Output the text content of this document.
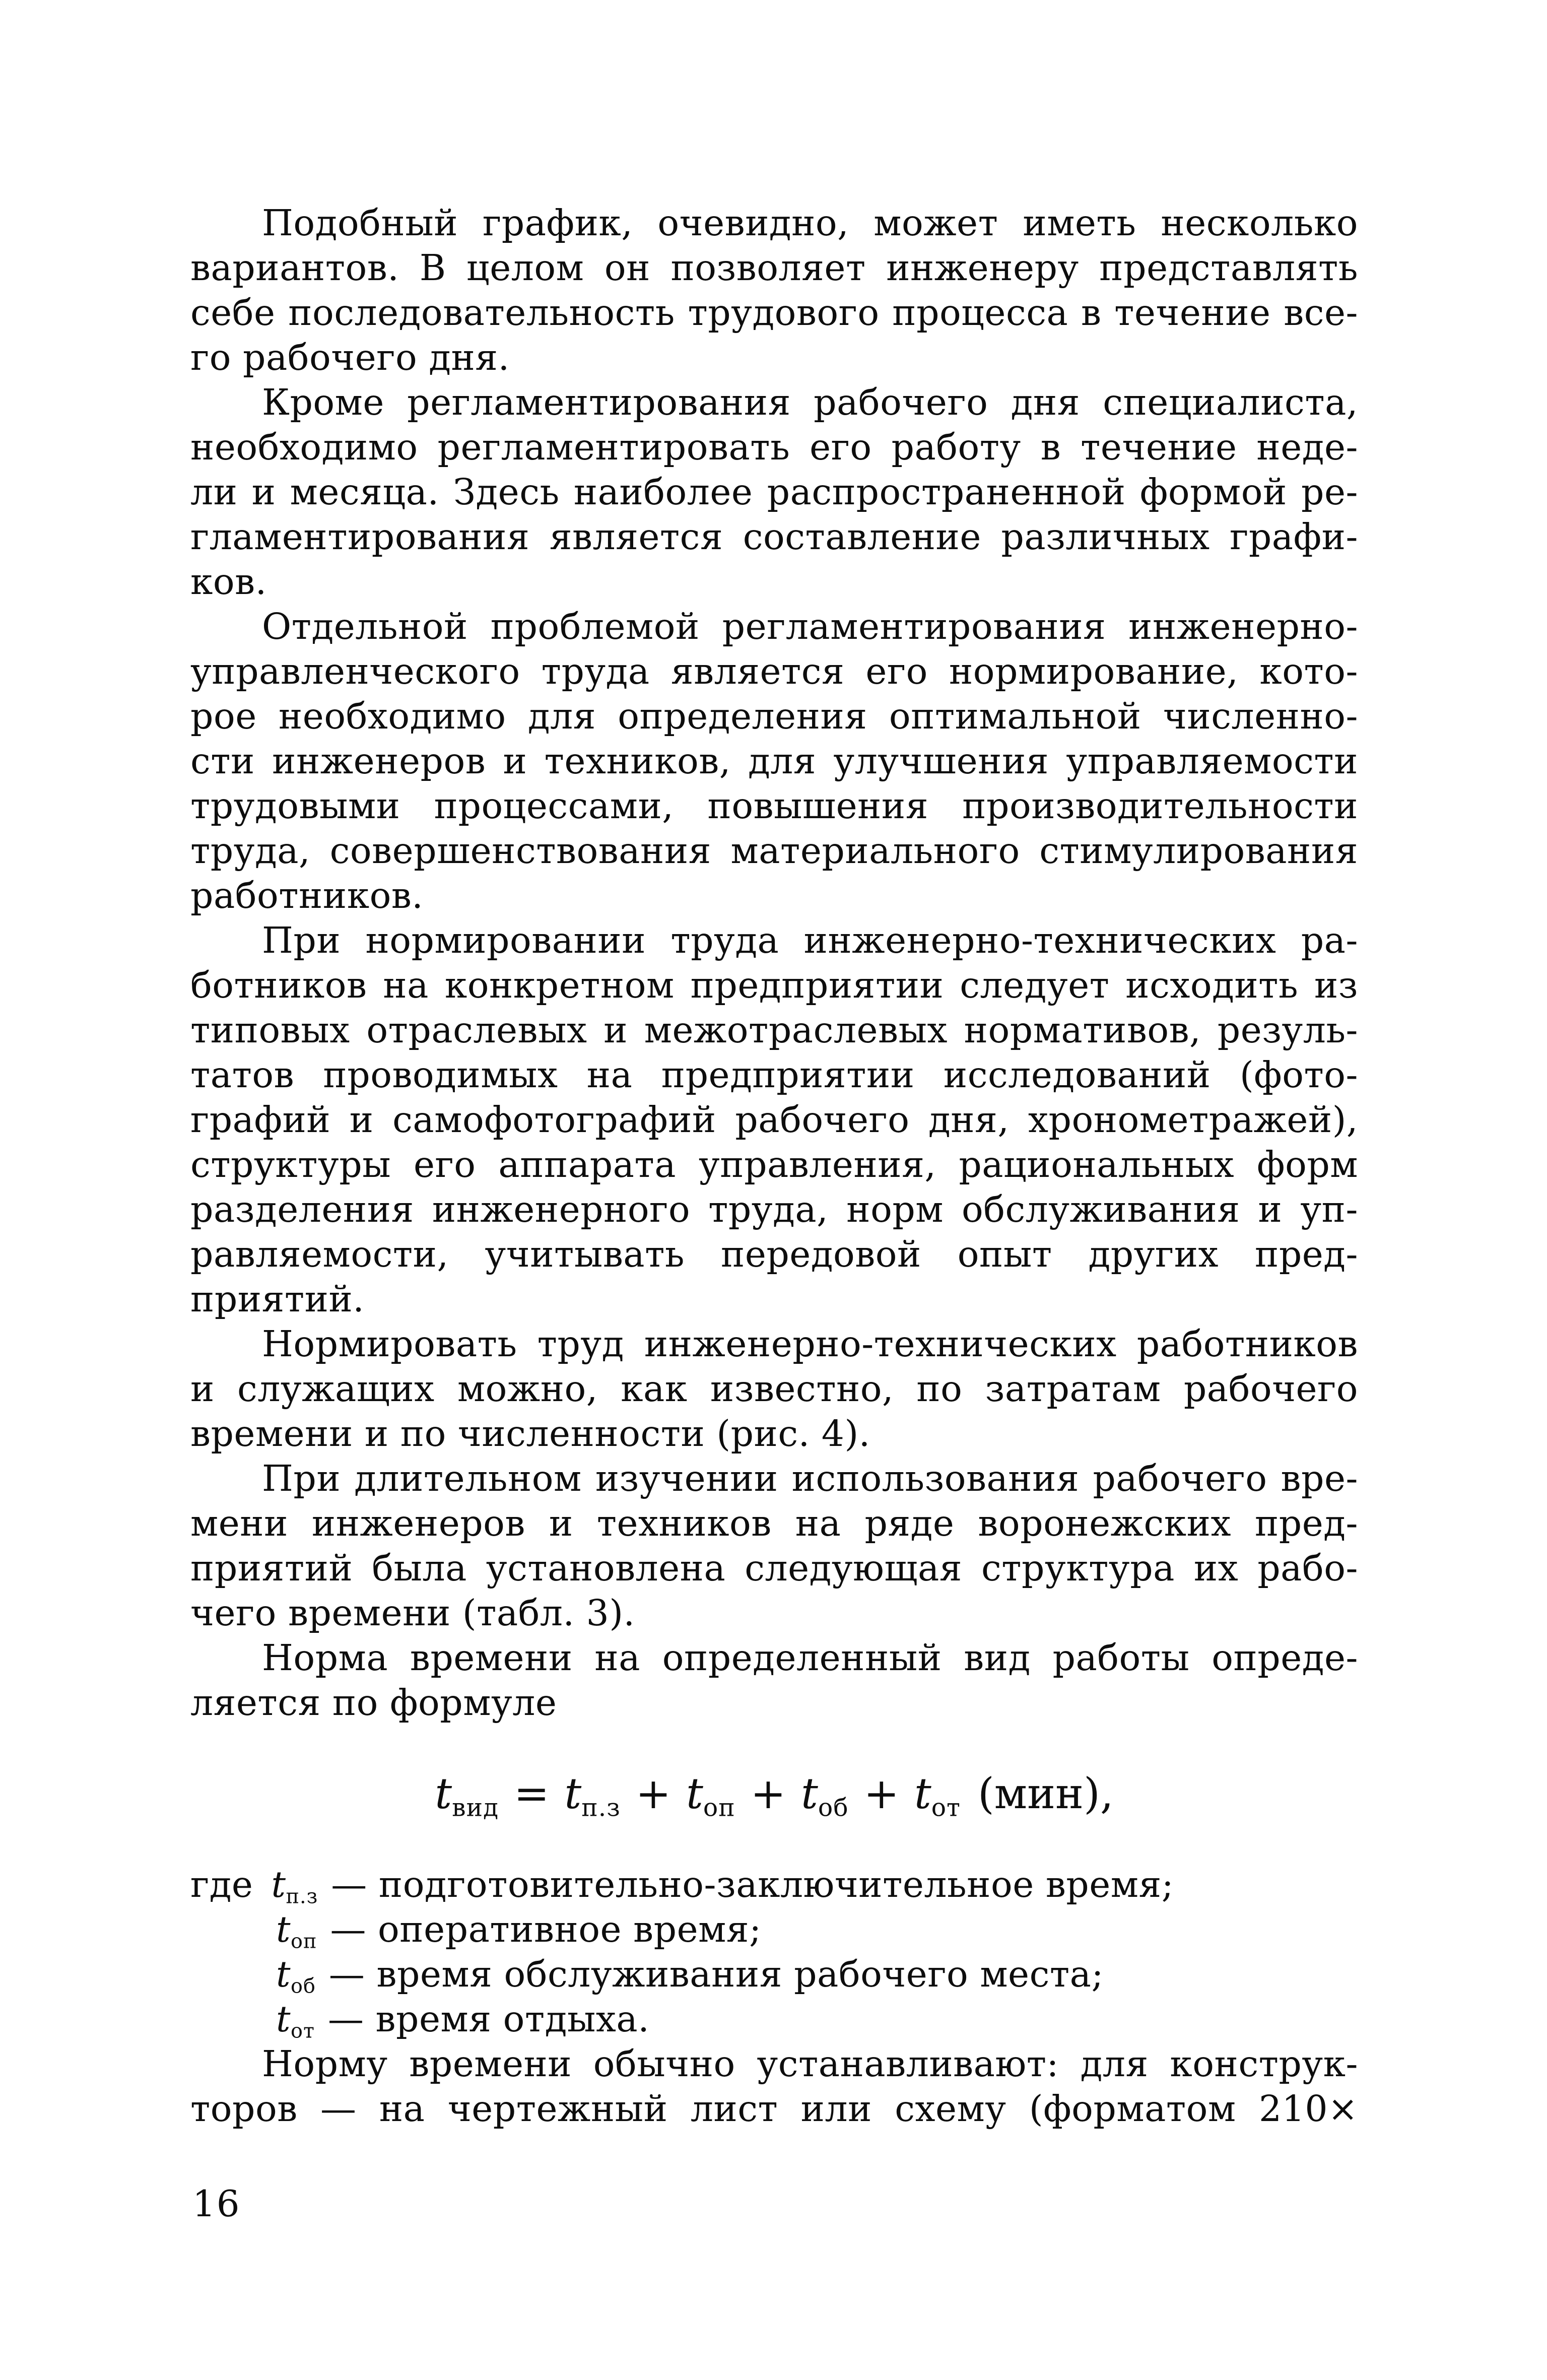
Подобный график, очевидно, может иметь несколько
вариантов. В целом он позволяет инженеру представлять
себе последовательность трудового процесса в течение все-
го рабочего дня.
Кроме регламентирования рабочего дня специалиста,
необходимо регламентировать его работу в течение неде-
ли и месяца. Здесь наиболее распространенной формой ре-
гламентирования является составление различных графи-
ков.
Отдельной проблемой регламентирования инженерно-
управленческого труда является его нормирование, кото-
рое необходимо для определения оптимальной численно-
сти инженеров и техников, для улучшения управляемости
трудовыми процессами, повышения производительности
труда, совершенствования материального стимулирования
работников.
При нормировании труда инженерно-технических ра-
ботников на конкретном предприятии следует исходить из
типовых отраслевых и межотраслевых нормативов, резуль-
татов проводимых на предприятии исследований (фото-
графий и самофотографий рабочего дня, хронометражей),
структуры его аппарата управления, рациональных форм
разделения инженерного труда, норм обслуживания и уп-
равляемости, учитывать передовой опыт других пред-
приятий.
Нормировать труд инженерно-технических работников
и служащих можно, как известно, по затратам рабочего
времени и по численности (рис. 4).
При длительном изучении использования рабочего вре-
мени инженеров и техников на ряде воронежских пред-
приятий была установлена следующая структура их рабо-
чего времени (табл. 3).
Норма времени на определенный вид работы опреде-
ляется по формуле
$t_{вид} = t_{п.з} + t_{оп} + t_{об} + t_{от}$ (мин),
где $t_{п.з}$ — подготовительно-заключительное время;
$t_{оп}$ — оперативное время;
$t_{об}$ — время обслуживания рабочего места;
$t_{от}$ — время отдыха.
Норму времени обычно устанавливают: для конструк-
торов — на чертежный лист или схему (форматом 210×
16
